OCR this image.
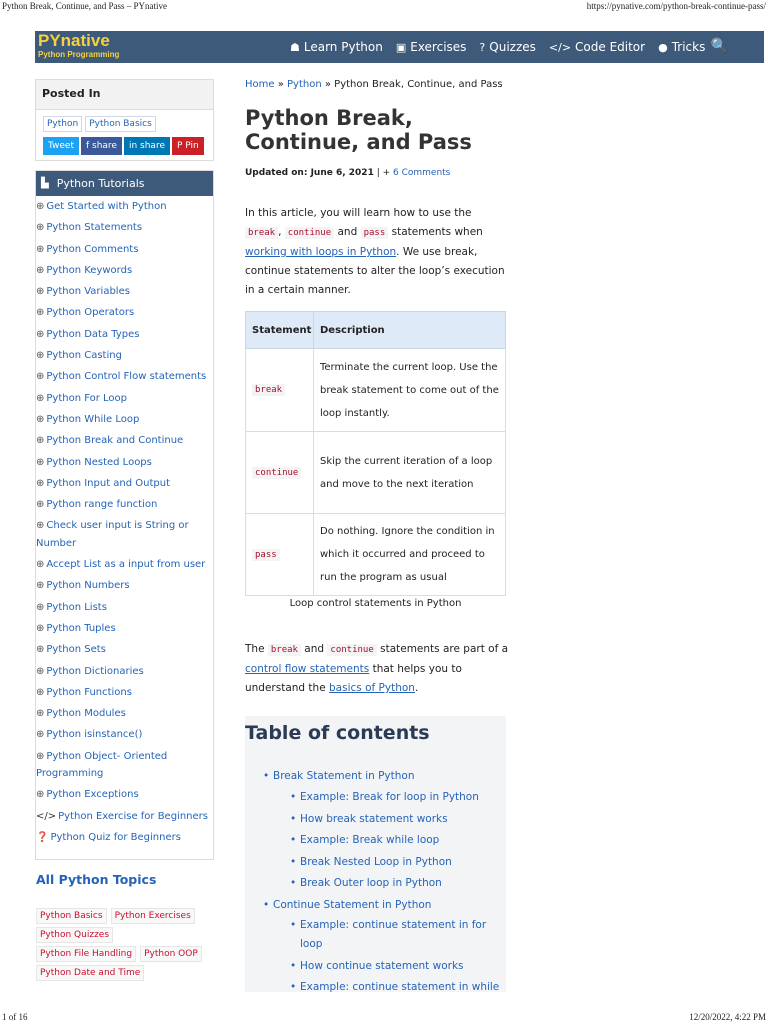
Python Break, Continue, and Pass – PYnative	https://pynative.com/python-break-continue-pass/
PYnative
Python Programming
☗ Learn Python ▣ Exercises ? Quizzes </> Code Editor ● Tricks 🔍
Posted In
Python	Python Basics
Tweet	f share	in share	P Pin
▙ Python Tutorials
⊕ Get Started with Python
⊕ Python Statements
⊕ Python Comments
⊕ Python Keywords
⊕ Python Variables
⊕ Python Operators
⊕ Python Data Types
⊕ Python Casting
⊕ Python Control Flow statements
⊕ Python For Loop
⊕ Python While Loop
⊕ Python Break and Continue
⊕ Python Nested Loops
⊕ Python Input and Output
⊕ Python range function
⊕ Check user input is String or Number
⊕ Accept List as a input from user
⊕ Python Numbers
⊕ Python Lists
⊕ Python Tuples
⊕ Python Sets
⊕ Python Dictionaries
⊕ Python Functions
⊕ Python Modules
⊕ Python isinstance()
⊕ Python Object- Oriented Programming
⊕ Python Exceptions
</> Python Exercise for Beginners
❓ Python Quiz for Beginners
All Python Topics
Python Basics	Python Exercises
Python Quizzes
Python File Handling	Python OOP
Python Date and Time
Home » Python » Python Break, Continue, and Pass
Python Break, Continue, and Pass
Updated on: June 6, 2021 | + 6 Comments

In this article, you will learn how to use the break , continue and pass statements when working with loops in Python. We use break, continue statements to alter the loop’s execution in a certain manner.

Statement	Description
break	Terminate the current loop. Use the break statement to come out of the loop instantly.
continue	Skip the current iteration of a loop and move to the next iteration
pass	Do nothing. Ignore the condition in which it occurred and proceed to run the program as usual
Loop control statements in Python

The break and continue statements are part of a control flow statements that helps you to understand the basics of Python.

Table of contents
• Break Statement in Python
• Example: Break for loop in Python
• How break statement works
• Example: Break while loop
• Break Nested Loop in Python
• Break Outer loop in Python
• Continue Statement in Python
• Example: continue statement in for loop
• How continue statement works
• Example: continue statement in while
1 of 16	12/20/2022, 4:22 PM
